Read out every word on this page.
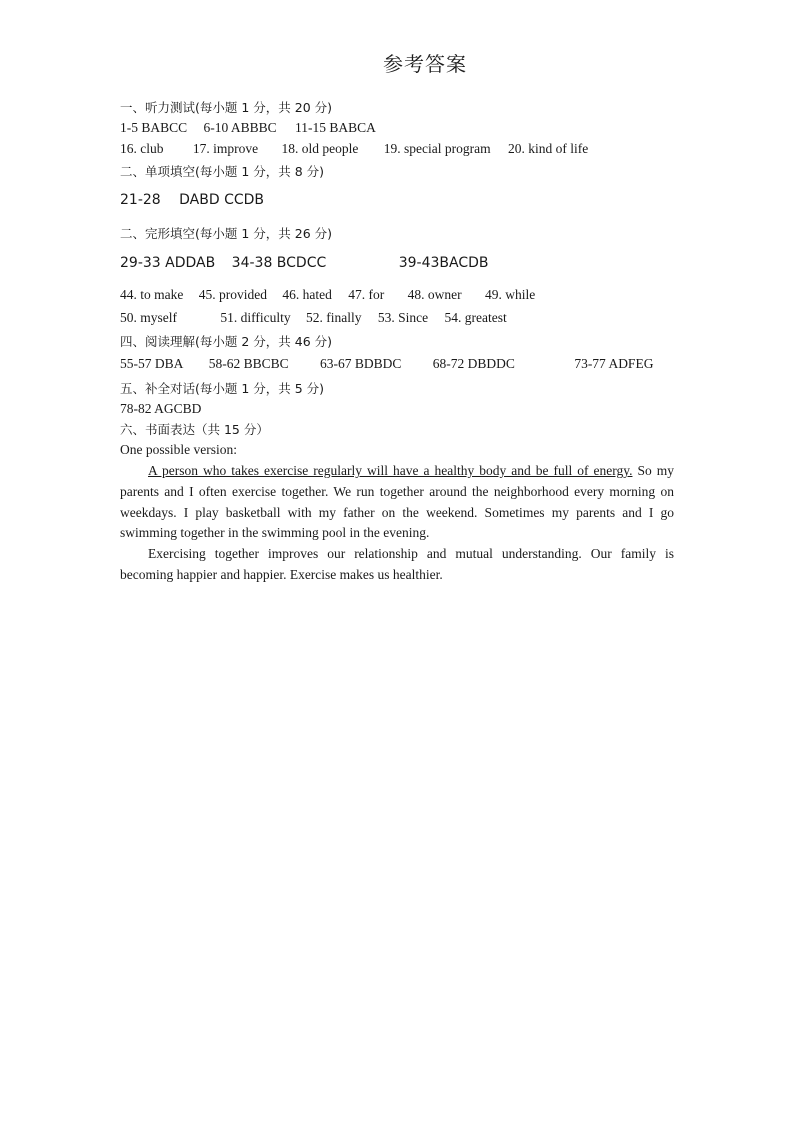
参考答案
一、听力测试(每小题 1 分，共 20 分)
1-5 BABCC 6-10 ABBBC 11-15 BABCA
16. club 17. improve 18. old people 19. special program 20. kind of life
二、单项填空(每小题 1 分，共 8 分)
21-28 DABD CCDB
二、完形填空(每小题 1 分，共 26 分)
29-33 ADDAB 34-38 BCDCC	39-43BACDB
44. to make 45. provided 46. hated 47. for 48. owner 49. while
50. myself	51. difficulty 52. finally 53. Since 54. greatest
四、阅读理解(每小题 2 分，共 46 分)
55-57 DBA 58-62 BBCBC 63-67 BDBDC 68-72 DBDDC	73-77 ADFEG
五、补全对话(每小题 1 分，共 5 分)
78-82 AGCBD
六、书面表达（共 15 分）
One possible version:
A person who takes exercise regularly will have a healthy body and be full of energy. So my parents and I often exercise together. We run together around the neighborhood every morning on weekdays. I play basketball with my father on the weekend. Sometimes my parents and I go swimming together in the swimming pool in the evening.
Exercising together improves our relationship and mutual understanding. Our family is becoming happier and happier. Exercise makes us healthier.
